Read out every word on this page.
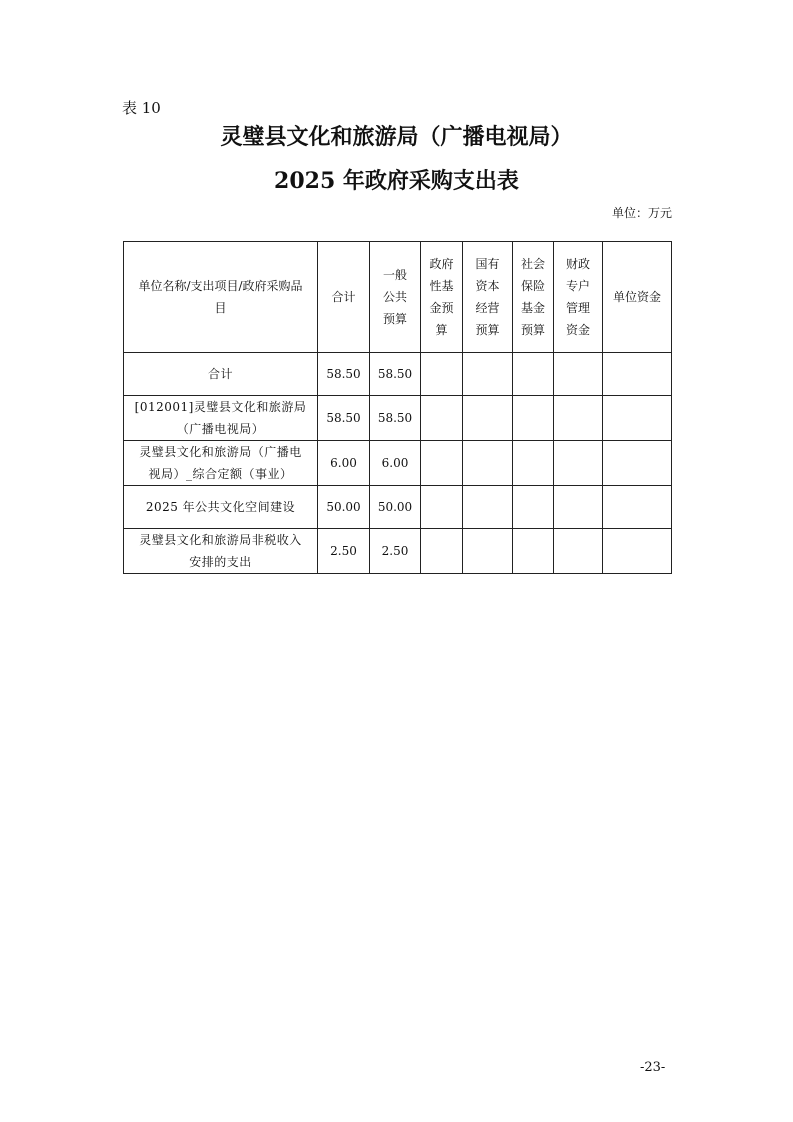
表 10
灵璧县文化和旅游局（广播电视局）
2025 年政府采购支出表
单位：万元
单位名称/支出项目/政府采购品目	合计	一般公共预算	政府性基金预算	国有资本经营预算	社会保险基金预算	财政专户管理资金	单位资金
合计	58.50	58.50					
[012001]灵璧县文化和旅游局（广播电视局）	58.50	58.50					
灵璧县文化和旅游局（广播电视局）_综合定额（事业）	6.00	6.00					
2025 年公共文化空间建设	50.00	50.00					
灵璧县文化和旅游局非税收入安排的支出	2.50	2.50					
-23-
